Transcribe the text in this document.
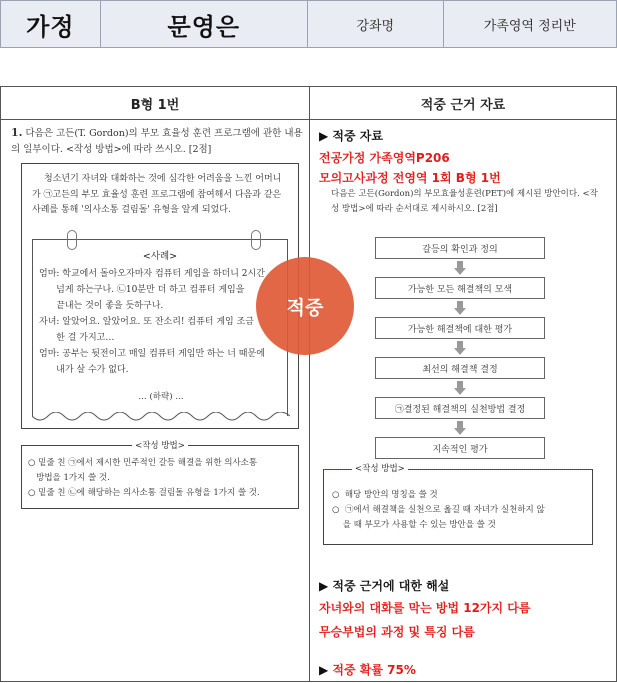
가정	문영은	강좌명	가족영역 정리반
B형 1번	적중 근거 자료
1. 다음은 고든(T. Gordon)의 부모 효율성 훈련 프로그램에 관한 내용의 일부이다. <작성 방법>에 따라 쓰시오. [2점]
청소년기 자녀와 대화하는 것에 심각한 어려움을 느낀 어머니가 ㉠고든의 부모 효율성 훈련 프로그램에 참여해서 다음과 같은 사례를 통해 '의사소통 걸림돌' 유형을 알게 되었다.
<사례>
엄마: 학교에서 돌아오자마자 컴퓨터 게임을 하더니 2시간
넘게 하는구나. ㉡10분만 더 하고 컴퓨터 게임을
끝내는 것이 좋을 듯하구나.
자녀: 알았어요. 알았어요. 또 잔소리! 컴퓨터 게임 조금
한 걸 가지고…
엄마: 공부는 뒷전이고 매일 컴퓨터 게임만 하는 너 때문에
내가 살 수가 없다.
… (하략) …
<작성 방법>
○ 밑줄 친 ㉠에서 제시한 민주적인 갈등 해결을 위한 의사소통
방법을 1가지 쓸 것.
○ 밑줄 친 ㉡에 해당하는 의사소통 걸림돌 유형을 1가지 쓸 것.
▶ 적중 자료
전공가정 가족영역P206
모의고사과정 전영역 1회 B형 1번
다음은 고든(Gordon)의 부모효율성훈련(PET)에 제시된 방안이다. <작성 방법>에 따라 순서대로 제시하시오. [2점]
갈등의 확인과 정의
가능한 모든 해결책의 모색
가능한 해결책에 대한 평가
최선의 해결책 결정
㉠결정된 해결책의 실천방법 결정
지속적인 평가
<작성 방법>
○  해당 방안의 명칭을 쓸 것
○  ㉠에서 해결책을 실천으로 옮길 때 자녀가 실천하지 않
을 때 부모가 사용할 수 있는 방안을 쓸 것
▶ 적중 근거에 대한 해설
자녀와의 대화를 막는 방법 12가지 다름
무승부법의 과정 및 특징 다름
▶ 적중 확률 75%
적중
